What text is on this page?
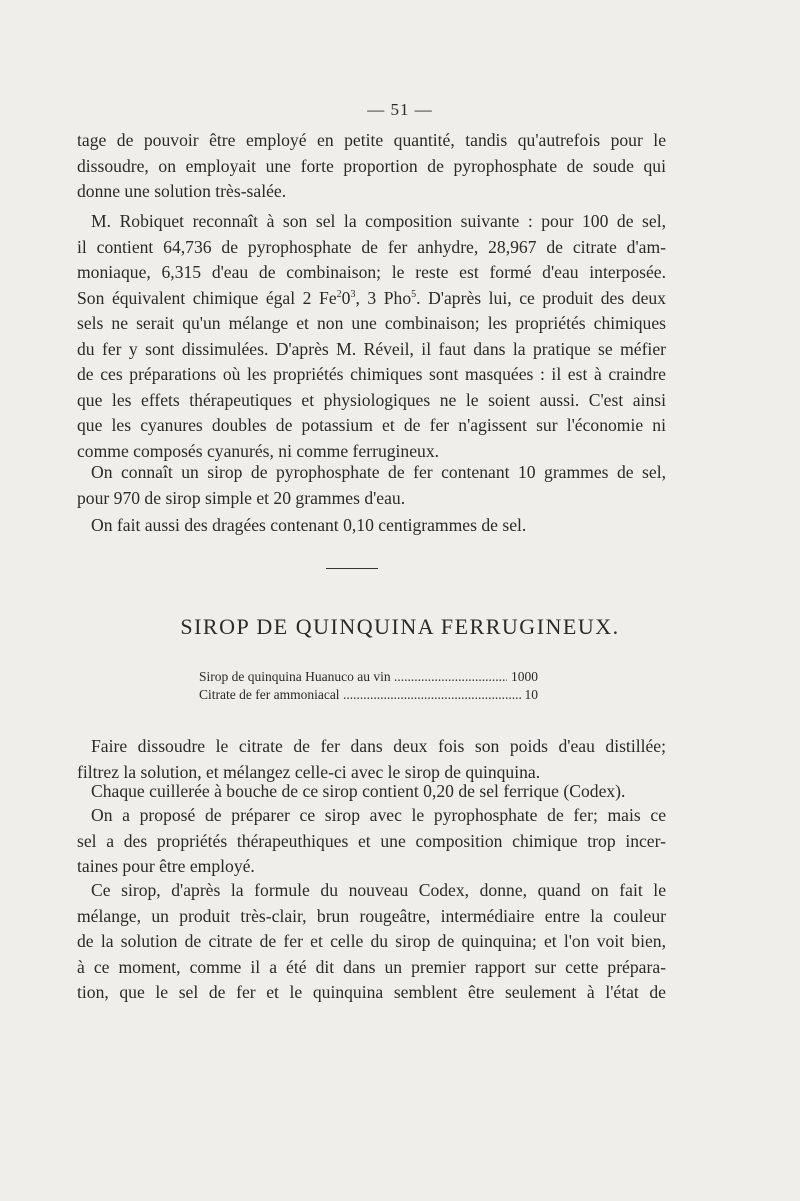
— 51 —

tage de pouvoir être employé en petite quantité, tandis qu'autrefois pour le

dissoudre, on employait une forte proportion de pyrophosphate de soude qui

donne une solution très-salée.

M. Robiquet reconnaît à son sel la composition suivante : pour 100 de sel,

il contient 64,736 de pyrophosphate de fer anhydre, 28,967 de citrate d'am-

moniaque, 6,315 d'eau de combinaison; le reste est formé d'eau interposée.

Son équivalent chimique égal 2 $Fe^20^3$, 3 Pho$^5$. D'après lui, ce produit des deux

sels ne serait qu'un mélange et non une combinaison; les propriétés chimiques

du fer y sont dissimulées. D'après M. Réveil, il faut dans la pratique se méfier

de ces préparations où les propriétés chimiques sont masquées : il est à craindre

que les effets thérapeutiques et physiologiques ne le soient aussi. C'est ainsi

que les cyanures doubles de potassium et de fer n'agissent sur l'économie ni

comme composés cyanurés, ni comme ferrugineux.

On connaît un sirop de pyrophosphate de fer contenant 10 grammes de sel,

pour 970 de sirop simple et 20 grammes d'eau.

On fait aussi des dragées contenant 0,10 centigrammes de sel.

SIROP DE QUINQUINA FERRUGINEUX.
Sirop de quinquina Huanuco au vin .....	1000
Citrate de fer ammoniacal .....	10

Faire dissoudre le citrate de fer dans deux fois son poids d'eau distillée;

filtrez la solution, et mélangez celle-ci avec le sirop de quinquina.

Chaque cuillerée à bouche de ce sirop contient 0,20 de sel ferrique (Codex).

On a proposé de préparer ce sirop avec le pyrophosphate de fer; mais ce

sel a des propriétés thérapeuthiques et une composition chimique trop incer-

taines pour être employé.

Ce sirop, d'après la formule du nouveau Codex, donne, quand on fait le

mélange, un produit très-clair, brun rougeâtre, intermédiaire entre la couleur

de la solution de citrate de fer et celle du sirop de quinquina; et l'on voit bien,

à ce moment, comme il a été dit dans un premier rapport sur cette prépara-

tion, que le sel de fer et le quinquina semblent être seulement à l'état de
